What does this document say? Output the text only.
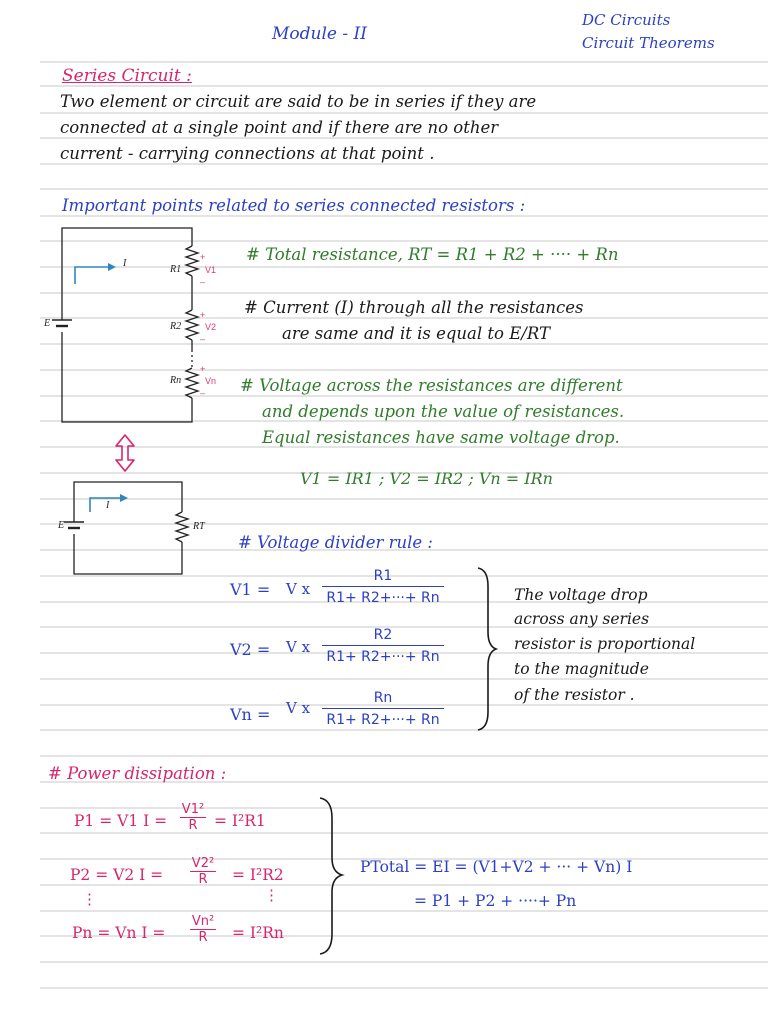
Module - II
DC Circuits
Circuit Theorems
Series Circuit :
Two element or circuit are said to be in series if they are
connected at a single point and if there are no other
current - carrying connections at that point .
Important points related to series connected resistors :
E
I
R1
R2
Rn
+
V1
–
+
V2
–
+
Vn
–
E
I
RT
# Total resistance, RT = R1 + R2 + ···· + Rn
# Current (I) through all the resistances
are same and it is equal to E/RT
# Voltage across the resistances are different
and depends upon the value of resistances.
Equal resistances have same voltage drop.
V1 = IR1 ; V2 = IR2 ; Vn = IRn
# Voltage divider rule :
V1 = V x
R1
R1+ R2+···+ Rn
V2 = V x
R2
R1+ R2+···+ Rn
Vn = V x
Rn
R1+ R2+···+ Rn
The voltage drop
across any series
resistor is proportional
to the magnitude
of the resistor .
# Power dissipation :
P1 = V1 I =
V1²
R	= I²R1
P2 = V2 I =
V2²
R	= I²R2
⋮	⋮
Pn = Vn I =
Vn²
R	= I²Rn
PTotal = EI = (V1+V2 + ··· + Vn) I
= P1 + P2 + ····+ Pn
